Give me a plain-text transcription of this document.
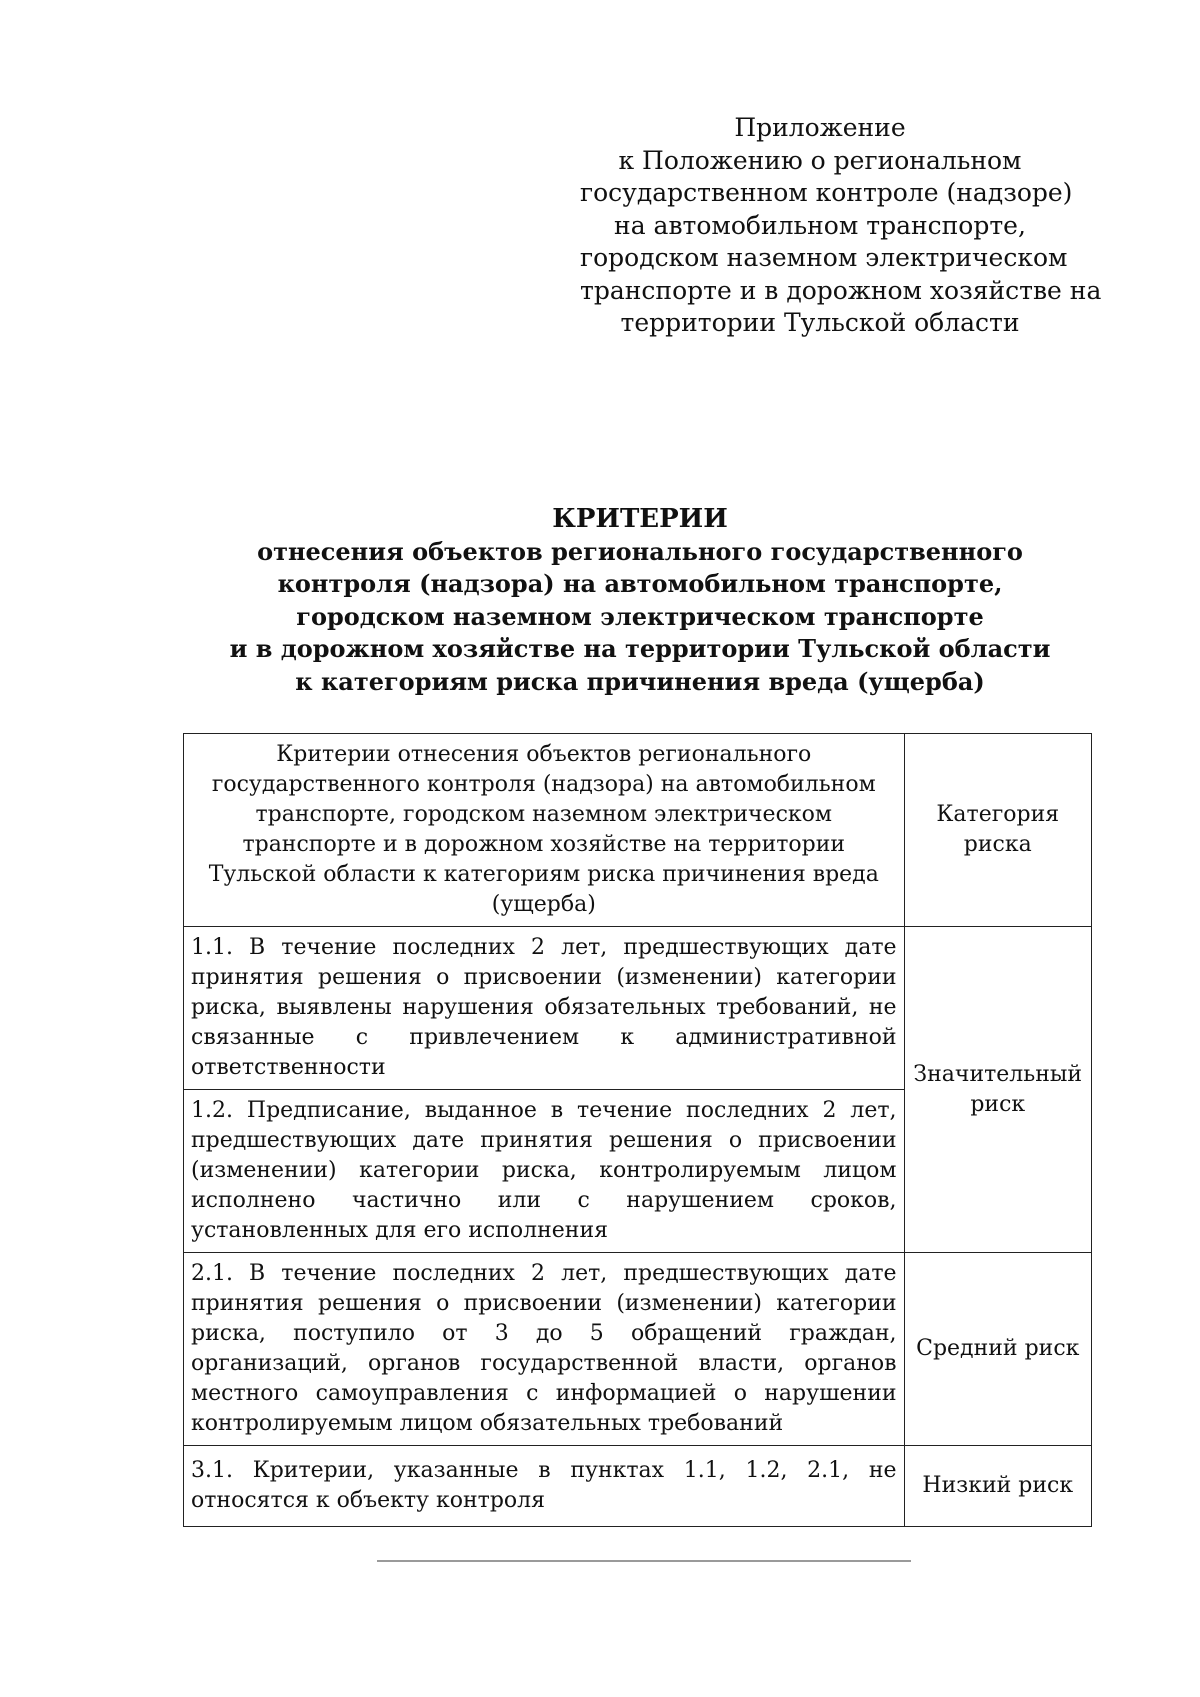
Приложение
к Положению о региональном
государственном контроле (надзоре)
на автомобильном транспорте,
городском наземном электрическом
транспорте и в дорожном хозяйстве на
территории Тульской области
КРИТЕРИИ
отнесения объектов регионального государственного
контроля (надзора) на автомобильном транспорте,
городском наземном электрическом транспорте
и в дорожном хозяйстве на территории Тульской области
к категориям риска причинения вреда (ущерба)
Критерии отнесения объектов регионального государственного контроля (надзора) на автомобильном транспорте, городском наземном электрическом транспорте и в дорожном хозяйстве на территории Тульской области к категориям риска причинения вреда (ущерба)	Категория риска
1.1. В течение последних 2 лет, предшествующих дате принятия решения о присвоении (изменении) категории риска, выявлены нарушения обязательных требований, не связанные с привлечением к административной ответственности	Значительный риск
1.2. Предписание, выданное в течение последних 2 лет, предшествующих дате принятия решения о присвоении (изменении) категории риска, контролируемым лицом исполнено частично или с нарушением сроков, установленных для его исполнения	
2.1. В течение последних 2 лет, предшествующих дате принятия решения о присвоении (изменении) категории риска, поступило от 3 до 5 обращений граждан, организаций, органов государственной власти, органов местного самоуправления с информацией о нарушении контролируемым лицом обязательных требований	Средний риск
3.1. Критерии, указанные в пунктах 1.1, 1.2, 2.1, не относятся к объекту контроля	Низкий риск
